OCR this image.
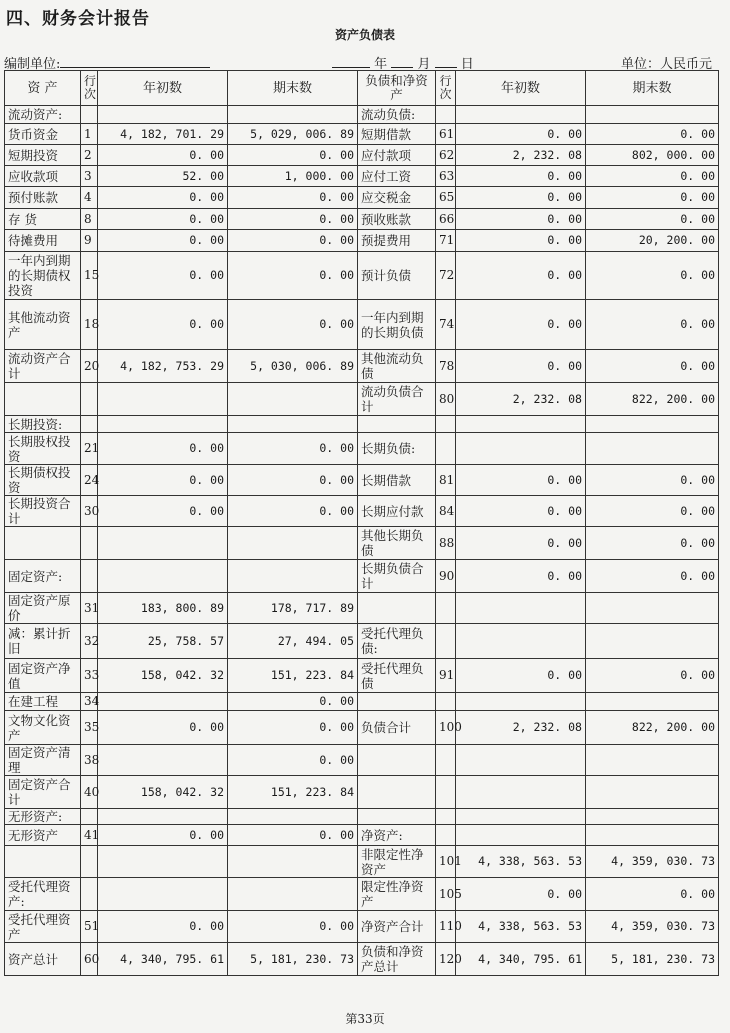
四、财务会计报告
资产负债表
编制单位:	年 月 日	单位：人民币元
资 产	行次	年初数	期末数	负债和净资产	行次	年初数	期末数
流动资产:				流动负债:			
货币资金	1	4, 182, 701. 29	5, 029, 006. 89	短期借款	61	0. 00	0. 00
短期投资	2	0. 00	0. 00	应付款项	62	2, 232. 08	802, 000. 00
应收款项	3	52. 00	1, 000. 00	应付工资	63	0. 00	0. 00
预付账款	4	0. 00	0. 00	应交税金	65	0. 00	0. 00
存 货	8	0. 00	0. 00	预收账款	66	0. 00	0. 00
待摊费用	9	0. 00	0. 00	预提费用	71	0. 00	20, 200. 00
一年内到期的长期债权投资	15	0. 00	0. 00	预计负债	72	0. 00	0. 00
其他流动资产	18	0. 00	0. 00	一年内到期的长期负债	74	0. 00	0. 00
流动资产合计	20	4, 182, 753. 29	5, 030, 006. 89	其他流动负债	78	0. 00	0. 00
				流动负债合计	80	2, 232. 08	822, 200. 00
长期投资:							
长期股权投资	21	0. 00	0. 00	长期负债:			
长期债权投资	24	0. 00	0. 00	长期借款	81	0. 00	0. 00
长期投资合计	30	0. 00	0. 00	长期应付款	84	0. 00	0. 00
				其他长期负债	88	0. 00	0. 00
固定资产:				长期负债合计	90	0. 00	0. 00
固定资产原价	31	183, 800. 89	178, 717. 89				
减：累计折旧	32	25, 758. 57	27, 494. 05	受托代理负债:			
固定资产净值	33	158, 042. 32	151, 223. 84	受托代理负债	91	0. 00	0. 00
在建工程	34		0. 00				
文物文化资产	35	0. 00	0. 00	负债合计	100	2, 232. 08	822, 200. 00
固定资产清理	38		0. 00				
固定资产合计	40	158, 042. 32	151, 223. 84				
无形资产:							
无形资产	41	0. 00	0. 00	净资产:			
				非限定性净资产	101	4, 338, 563. 53	4, 359, 030. 73
受托代理资产:				限定性净资产	105	0. 00	0. 00
受托代理资产	51	0. 00	0. 00	净资产合计	110	4, 338, 563. 53	4, 359, 030. 73
资产总计	60	4, 340, 795. 61	5, 181, 230. 73	负债和净资产总计	120	4, 340, 795. 61	5, 181, 230. 73
第33页
